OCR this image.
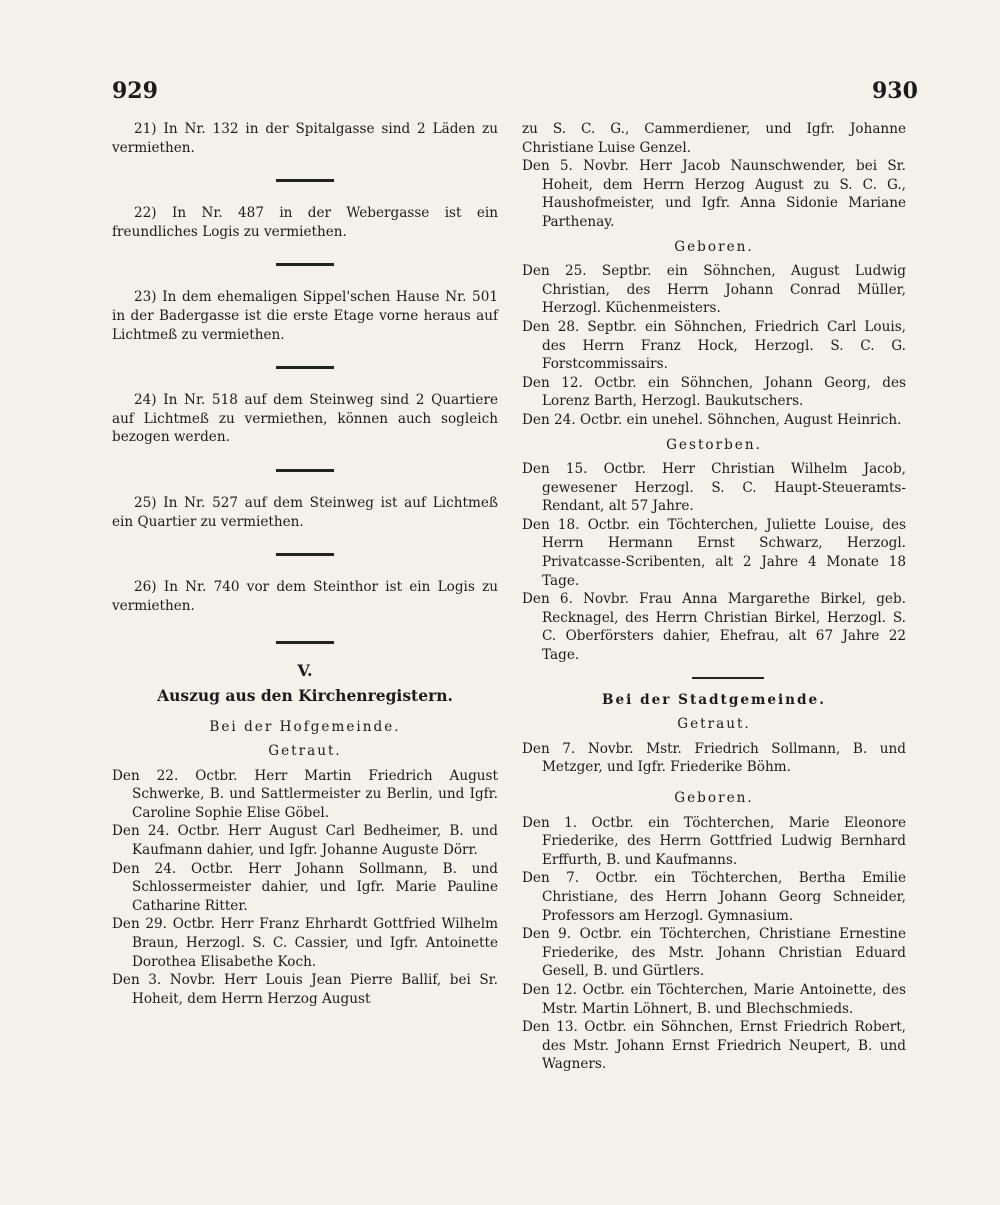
929	930

21) In Nr. 132 in der Spitalgasse sind 2 Läden zu vermiethen.

22) In Nr. 487 in der Webergasse ist ein freundliches Logis zu vermiethen.

23) In dem ehemaligen Sippel'schen Hause Nr. 501 in der Badergasse ist die erste Etage vorne heraus auf Lichtmeß zu vermiethen.

24) In Nr. 518 auf dem Steinweg sind 2 Quartiere auf Lichtmeß zu vermiethen, können auch sogleich bezogen werden.

25) In Nr. 527 auf dem Steinweg ist auf Lichtmeß ein Quartier zu vermiethen.

26) In Nr. 740 vor dem Steinthor ist ein Logis zu vermiethen.

V.
Auszug aus den Kirchenregistern.
Bei der Hofgemeinde.
Getraut.

Den 22. Octbr. Herr Martin Friedrich August Schwerke, B. und Sattlermeister zu Berlin, und Igfr. Caroline Sophie Elise Göbel.

Den 24. Octbr. Herr August Carl Bedheimer, B. und Kaufmann dahier, und Igfr. Johanne Auguste Dörr.

Den 24. Octbr. Herr Johann Sollmann, B. und Schlossermeister dahier, und Igfr. Marie Pauline Catharine Ritter.

Den 29. Octbr. Herr Franz Ehrhardt Gottfried Wilhelm Braun, Herzogl. S. C. Cassier, und Igfr. Antoinette Dorothea Elisabethe Koch.

Den 3. Novbr. Herr Louis Jean Pierre Ballif, bei Sr. Hoheit, dem Herrn Herzog August

zu S. C. G., Cammerdiener, und Igfr. Johanne Christiane Luise Genzel.

Den 5. Novbr. Herr Jacob Naunschwender, bei Sr. Hoheit, dem Herrn Herzog August zu S. C. G., Haushofmeister, und Igfr. Anna Sidonie Mariane Parthenay.

Geboren.

Den 25. Septbr. ein Söhnchen, August Ludwig Christian, des Herrn Johann Conrad Müller, Herzogl. Küchenmeisters.

Den 28. Septbr. ein Söhnchen, Friedrich Carl Louis, des Herrn Franz Hock, Herzogl. S. C. G. Forstcommissairs.

Den 12. Octbr. ein Söhnchen, Johann Georg, des Lorenz Barth, Herzogl. Baukutschers.

Den 24. Octbr. ein unehel. Söhnchen, August Heinrich.

Gestorben.

Den 15. Octbr. Herr Christian Wilhelm Jacob, gewesener Herzogl. S. C. Haupt-Steueramts-Rendant, alt 57 Jahre.

Den 18. Octbr. ein Töchterchen, Juliette Louise, des Herrn Hermann Ernst Schwarz, Herzogl. Privatcasse-Scribenten, alt 2 Jahre 4 Monate 18 Tage.

Den 6. Novbr. Frau Anna Margarethe Birkel, geb. Recknagel, des Herrn Christian Birkel, Herzogl. S. C. Oberförsters dahier, Ehefrau, alt 67 Jahre 22 Tage.

Bei der Stadtgemeinde.
Getraut.

Den 7. Novbr. Mstr. Friedrich Sollmann, B. und Metzger, und Igfr. Friederike Böhm.

Geboren.

Den 1. Octbr. ein Töchterchen, Marie Eleonore Friederike, des Herrn Gottfried Ludwig Bernhard Erffurth, B. und Kaufmanns.

Den 7. Octbr. ein Töchterchen, Bertha Emilie Christiane, des Herrn Johann Georg Schneider, Professors am Herzogl. Gymnasium.

Den 9. Octbr. ein Töchterchen, Christiane Ernestine Friederike, des Mstr. Johann Christian Eduard Gesell, B. und Gürtlers.

Den 12. Octbr. ein Töchterchen, Marie Antoinette, des Mstr. Martin Löhnert, B. und Blechschmieds.

Den 13. Octbr. ein Söhnchen, Ernst Friedrich Robert, des Mstr. Johann Ernst Friedrich Neupert, B. und Wagners.
